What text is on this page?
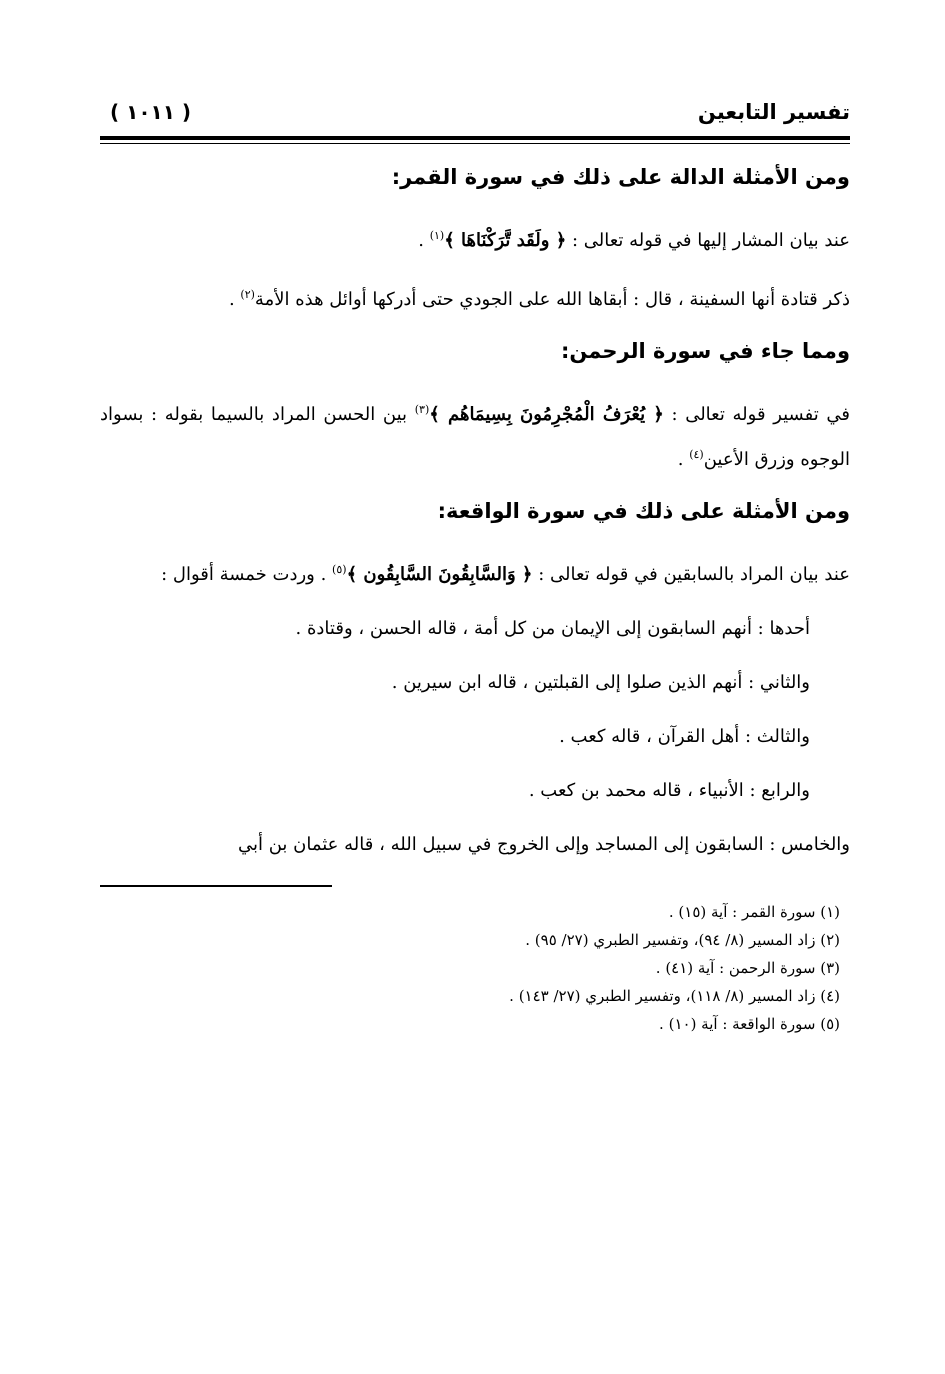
تفسير التابعين
( ١٠١١ )
ومن الأمثلة الدالة على ذلك في سورة القمر:

عند بيان المشار إليها في قوله تعالى : ﴿ ولَقَد تَّرَكْنَاهَا ﴾$^{(١)}$ .

ذكر قتادة أنها السفينة ، قال : أبقاها الله على الجودي حتى أدركها أوائل هذه الأمة$^{(٢)}$ .

ومما جاء في سورة الرحمن:

في تفسير قوله تعالى : ﴿ يُعْرَفُ الْمُجْرِمُونَ بِسِيمَاهُم ﴾$^{(٣)}$ بين الحسن المراد بالسيما بقوله : بسواد الوجوه وزرق الأعين$^{(٤)}$ .

ومن الأمثلة على ذلك في سورة الواقعة:

عند بيان المراد بالسابقين في قوله تعالى : ﴿ وَالسَّابِقُونَ السَّابِقُون ﴾$^{(٥)}$ . وردت خمسة أقوال :

أحدها : أنهم السابقون إلى الإيمان من كل أمة ، قاله الحسن ، وقتادة .

والثاني : أنهم الذين صلوا إلى القبلتين ، قاله ابن سيرين .

والثالث : أهل القرآن ، قاله كعب .

والرابع : الأنبياء ، قاله محمد بن كعب .

والخامس : السابقون إلى المساجد وإلى الخروج في سبيل الله ، قاله عثمان بن أبي

(١) سورة القمر : آية (١٥) .

(٢) زاد المسير (٨/ ٩٤)، وتفسير الطبري (٢٧/ ٩٥) .

(٣) سورة الرحمن : آية (٤١) .

(٤) زاد المسير (٨/ ١١٨)، وتفسير الطبري (٢٧/ ١٤٣) .

(٥) سورة الواقعة : آية (١٠) .
